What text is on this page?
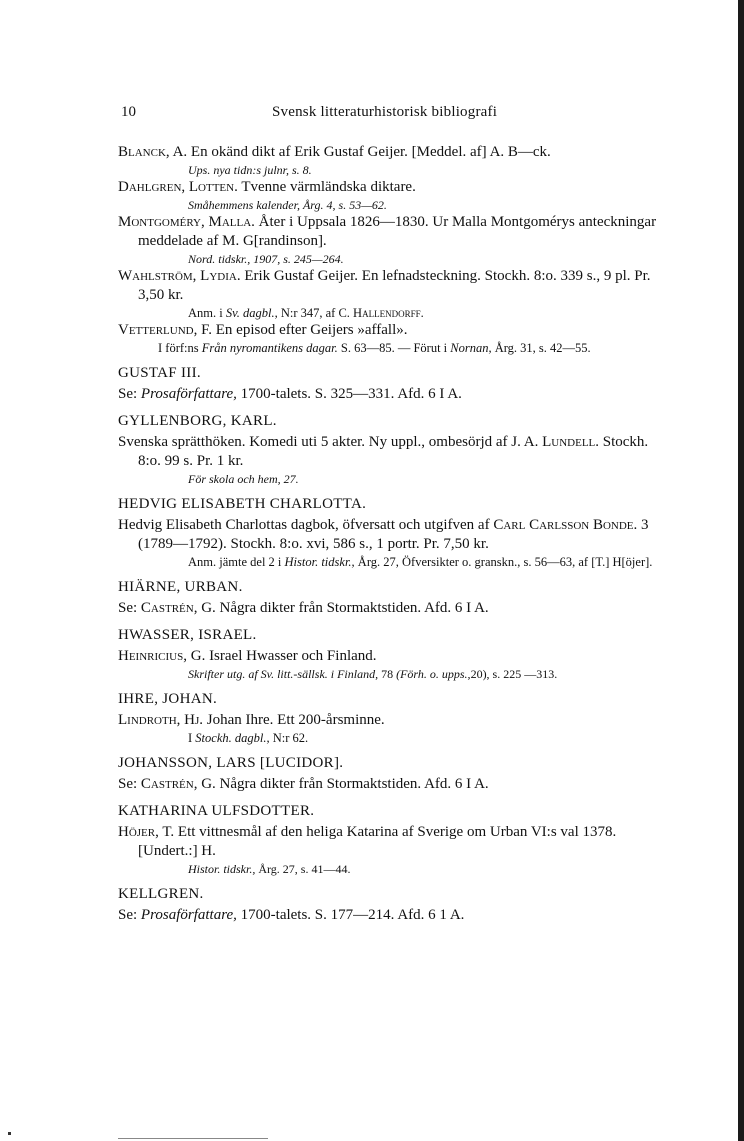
10	Svensk litteraturhistorisk bibliografi

Blanck, A. En okänd dikt af Erik Gustaf Geijer. [Meddel. af] A. B—ck.

Ups. nya tidn:s julnr, s. 8.

Dahlgren, Lotten. Tvenne värmländska diktare.

Småhemmens kalender, Årg. 4, s. 53—62.

Montgoméry, Malla. Åter i Uppsala 1826—1830. Ur Malla Montgomérys anteckningar meddelade af M. G[randinson].

Nord. tidskr., 1907, s. 245—264.

Wahlström, Lydia. Erik Gustaf Geijer. En lefnadsteckning. Stockh. 8:o. 339 s., 9 pl. Pr. 3,50 kr.

Anm. i Sv. dagbl., N:r 347, af C. Hallendorff.

Vetterlund, F. En episod efter Geijers »affall».

I förf:ns Från nyromantikens dagar. S. 63—85. — Förut i Nornan, Årg. 31, s. 42—55.

GUSTAF III.

Se: Prosaförfattare, 1700-talets. S. 325—331. Afd. 6 I A.

GYLLENBORG, KARL.

Svenska sprätthöken. Komedi uti 5 akter. Ny uppl., ombesörjd af J. A. Lundell. Stockh. 8:o. 99 s. Pr. 1 kr.

För skola och hem, 27.

HEDVIG ELISABETH CHARLOTTA.

Hedvig Elisabeth Charlottas dagbok, öfversatt och utgifven af Carl Carlsson Bonde. 3 (1789—1792). Stockh. 8:o. xvi, 586 s., 1 portr. Pr. 7,50 kr.

Anm. jämte del 2 i Histor. tidskr., Årg. 27, Öfversikter o. granskn., s. 56—63, af [T.] H[öjer].

HIÄRNE, URBAN.

Se: Castrén, G. Några dikter från Stormaktstiden. Afd. 6 I A.

HWASSER, ISRAEL.

Heinricius, G. Israel Hwasser och Finland.

Skrifter utg. af Sv. litt.-sällsk. i Finland, 78 (Förh. o. upps.,20), s. 225 —313.

IHRE, JOHAN.

Lindroth, Hj. Johan Ihre. Ett 200-årsminne.

I Stockh. dagbl., N:r 62.

JOHANSSON, LARS [LUCIDOR].

Se: Castrén, G. Några dikter från Stormaktstiden. Afd. 6 I A.

KATHARINA ULFSDOTTER.

Höjer, T. Ett vittnesmål af den heliga Katarina af Sverige om Urban VI:s val 1378. [Undert.:] H.

Histor. tidskr., Årg. 27, s. 41—44.

KELLGREN.

Se: Prosaförfattare, 1700-talets. S. 177—214. Afd. 6 1 A.
